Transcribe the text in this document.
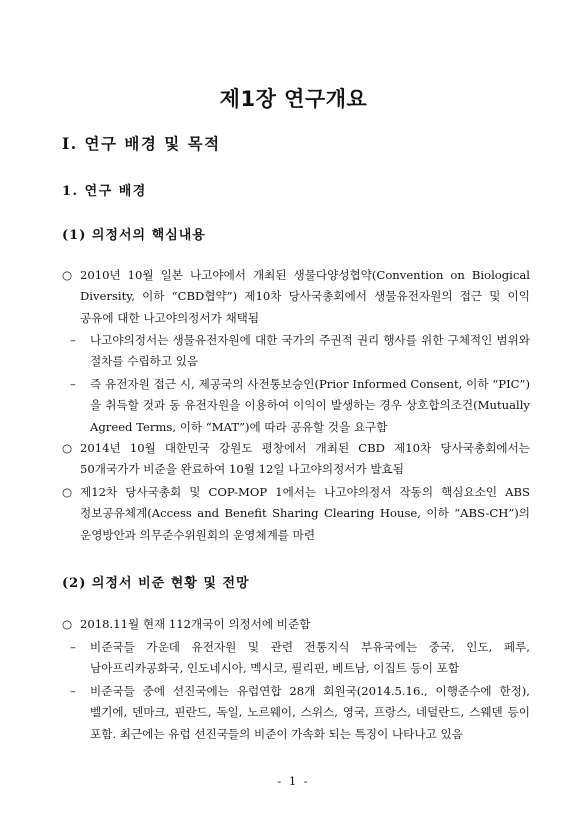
제1장 연구개요
I. 연구 배경 및 목적
1. 연구 배경
(1) 의정서의 핵심내용
○ 2010년 10월 일본 나고야에서 개최된 생물다양성협약(Convention on Biological Diversity, 이하 “CBD협약”) 제10차 당사국총회에서 생물유전자원의 접근 및 이익 공유에 대한 나고야의정서가 채택됨
–	나고야의정서는 생물유전자원에 대한 국가의 주권적 권리 행사를 위한 구체적인 범위와 절차를 수립하고 있음
–	즉 유전자원 접근 시, 제공국의 사전통보승인(Prior Informed Consent, 이하 “PIC”)을 취득할 것과 동 유전자원을 이용하여 이익이 발생하는 경우 상호합의조건(Mutually Agreed Terms, 이하 “MAT”)에 따라 공유할 것을 요구함
○ 2014년 10월 대한민국 강원도 평창에서 개최된 CBD 제10차 당사국총회에서는 50개국가가 비준을 완료하여 10월 12일 나고야의정서가 발효됨
○ 제12차 당사국총회 및 COP-MOP 1에서는 나고야의정서 작동의 핵심요소인 ABS 정보공유체계(Access and Benefit Sharing Clearing House, 이하 “ABS-CH”)의 운영방안과 의무준수위원회의 운영체계를 마련
(2) 의정서 비준 현황 및 전망
○ 2018.11월 현재 112개국이 의정서에 비준함
–	비준국들 가운데 유전자원 및 관련 전통지식 부유국에는 중국, 인도, 페루, 남아프리카공화국, 인도네시아, 멕시코, 필리핀, 베트남, 이집트 등이 포함
–	비준국들 중에 선진국에는 유럽연합 28개 회원국(2014.5.16., 이행준수에 한정), 벨기에, 덴마크, 핀란드, 독일, 노르웨이, 스위스, 영국, 프랑스, 네덜란드, 스웨덴 등이 포함. 최근에는 유럽 선진국들의 비준이 가속화 되는 특징이 나타나고 있음
- 1 -
